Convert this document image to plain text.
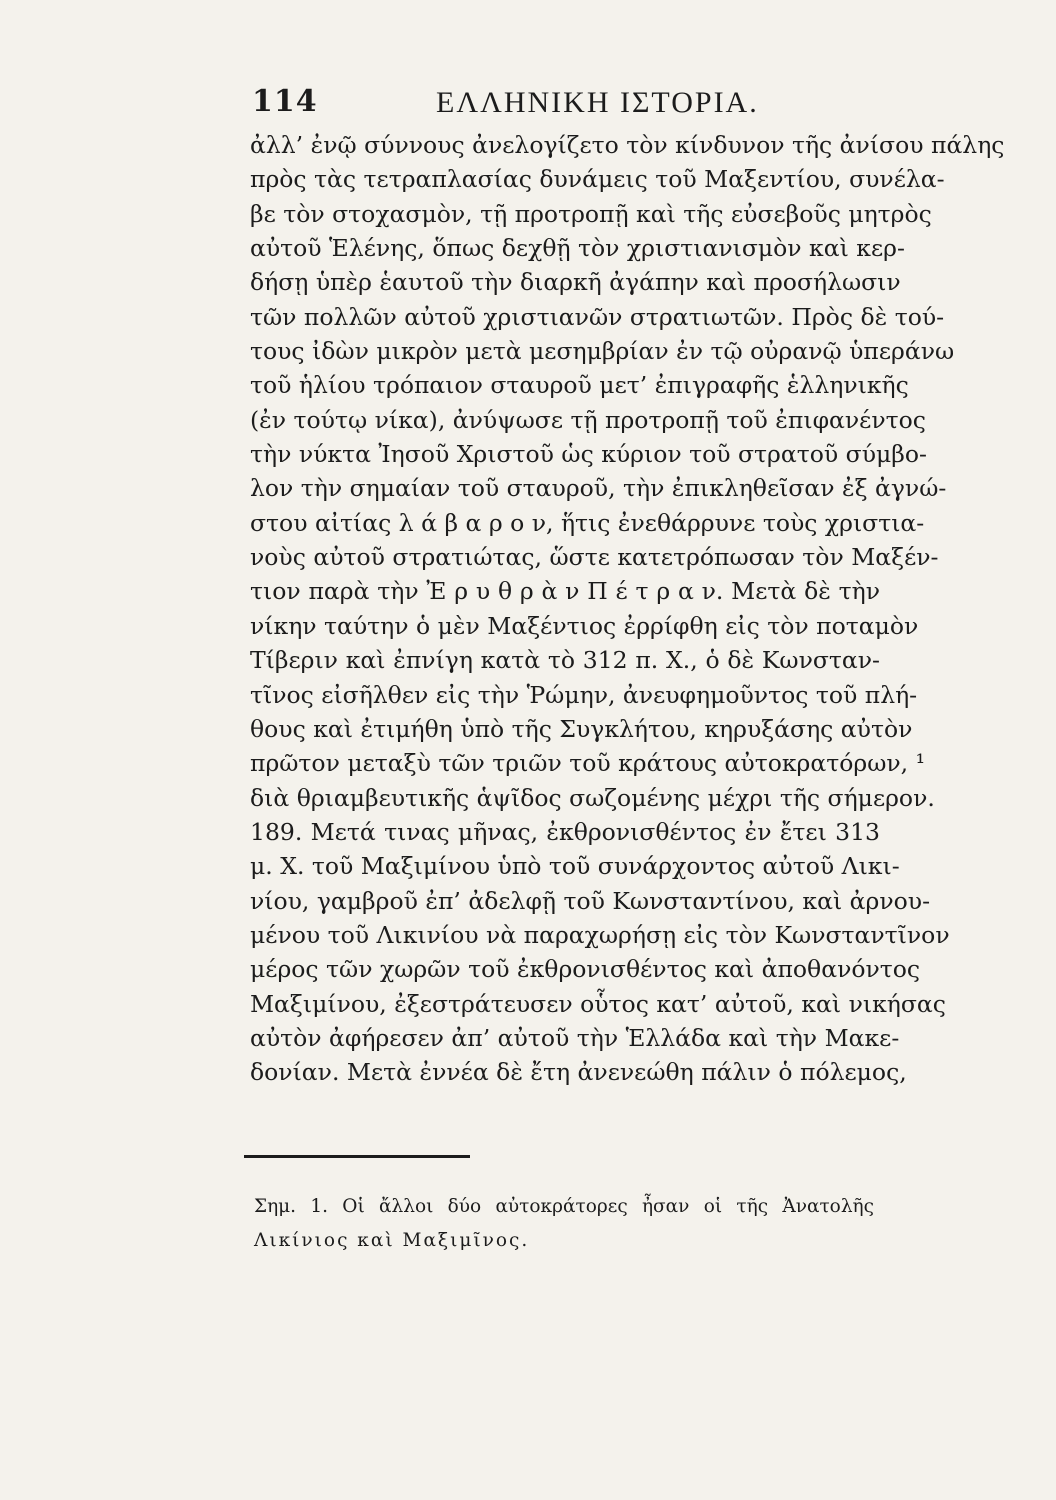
114	ΕΛΛΗΝΙΚΗ ΙΣΤΟΡΙΑ.
ἀλλ’ ἐνῷ σύννους ἀνελογίζετο τὸν κίνδυνον τῆς ἀνίσου πάλης
πρὸς τὰς τετραπλασίας δυνάμεις τοῦ Μαξεντίου, συνέλα-
βε τὸν στοχασμὸν, τῇ προτροπῇ καὶ τῆς εὐσεβοῦς μητρὸς
αὐτοῦ Ἑλένης, ὅπως δεχθῇ τὸν χριστιανισμὸν καὶ κερ-
δήσῃ ὑπὲρ ἑαυτοῦ τὴν διαρκῆ ἀγάπην καὶ προσήλωσιν
τῶν πολλῶν αὐτοῦ χριστιανῶν στρατιωτῶν. Πρὸς δὲ τού-
τους ἰδὼν μικρὸν μετὰ μεσημβρίαν ἐν τῷ οὐρανῷ ὑπεράνω
τοῦ ἡλίου τρόπαιον σταυροῦ μετ’ ἐπιγραφῆς ἑλληνικῆς
(ἐν τούτῳ νίκα), ἀνύψωσε τῇ προτροπῇ τοῦ ἐπιφανέντος
τὴν νύκτα Ἰησοῦ Χριστοῦ ὡς κύριον τοῦ στρατοῦ σύμβο-
λον τὴν σημαίαν τοῦ σταυροῦ, τὴν ἐπικληθεῖσαν ἐξ ἀγνώ-
στου αἰτίας λ ά β α ρ ο ν, ἥτις ἐνεθάρρυνε τοὺς χριστια-
νοὺς αὐτοῦ στρατιώτας, ὥστε κατετρόπωσαν τὸν Μαξέν-
τιον παρὰ τὴν Ἐ ρ υ θ ρ ὰ ν Π έ τ ρ α ν. Μετὰ δὲ τὴν
νίκην ταύτην ὁ μὲν Μαξέντιος ἐρρίφθη εἰς τὸν ποταμὸν
Τίβεριν καὶ ἐπνίγη κατὰ τὸ 312 π. Χ., ὁ δὲ Κωνσταν-
τῖνος εἰσῆλθεν εἰς τὴν Ῥώμην, ἀνευφημοῦντος τοῦ πλή-
θους καὶ ἐτιμήθη ὑπὸ τῆς Συγκλήτου, κηρυξάσης αὐτὸν
πρῶτον μεταξὺ τῶν τριῶν τοῦ κράτους αὐτοκρατόρων, ¹
διὰ θριαμβευτικῆς ἁψῖδος σωζομένης μέχρι τῆς σήμερον.
189. Μετά τινας μῆνας, ἐκθρονισθέντος ἐν ἔτει 313
μ. Χ. τοῦ Μαξιμίνου ὑπὸ τοῦ συνάρχοντος αὐτοῦ Λικι-
νίου, γαμβροῦ ἐπ’ ἀδελφῇ τοῦ Κωνσταντίνου, καὶ ἀρνου-
μένου τοῦ Λικινίου νὰ παραχωρήσῃ εἰς τὸν Κωνσταντῖνον
μέρος τῶν χωρῶν τοῦ ἐκθρονισθέντος καὶ ἀποθανόντος
Μαξιμίνου, ἐξεστράτευσεν οὗτος κατ’ αὐτοῦ, καὶ νικήσας
αὐτὸν ἀφήρεσεν ἀπ’ αὐτοῦ τὴν Ἑλλάδα καὶ τὴν Μακε-
δονίαν. Μετὰ ἐννέα δὲ ἔτη ἀνενεώθη πάλιν ὁ πόλεμος,
Σημ. 1. Οἱ ἄλλοι δύο αὐτοκράτορες ἦσαν οἱ τῆς Ἀνατολῆς
Λικίνιος καὶ Μαξιμῖνος.
